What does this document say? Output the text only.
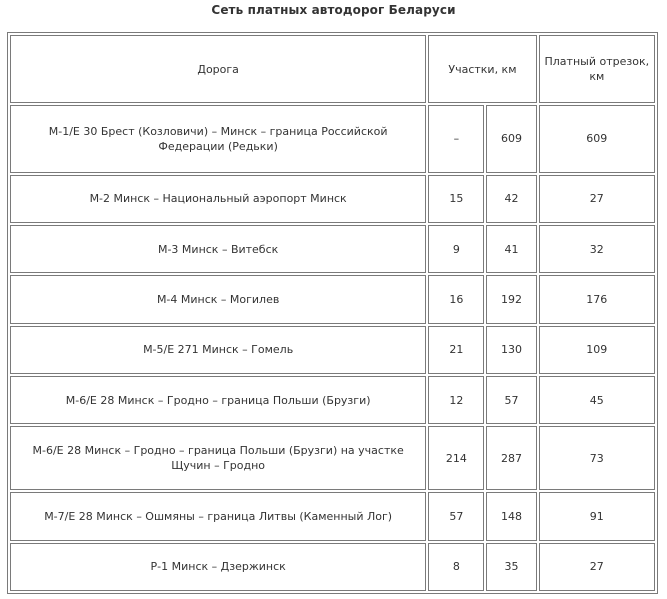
Сеть платных автодорог Беларуси
Дорога	Участки, км		Платный отрезок, км
М-1/Е 30 Брест (Козловичи) – Минск – граница Российской Федерации (Редьки)	–	609	609
М-2 Минск – Национальный аэропорт Минск	15	42	27
М-3 Минск – Витебск	9	41	32
М-4 Минск – Могилев	16	192	176
М-5/Е 271 Минск – Гомель	21	130	109
М-6/Е 28 Минск – Гродно – граница Польши (Брузги)	12	57	45
М-6/Е 28 Минск – Гродно – граница Польши (Брузги) на участке Щучин – Гродно	214	287	73
М-7/Е 28 Минск – Ошмяны – граница Литвы (Каменный Лог)	57	148	91
Р-1 Минск – Дзержинск	8	35	27
